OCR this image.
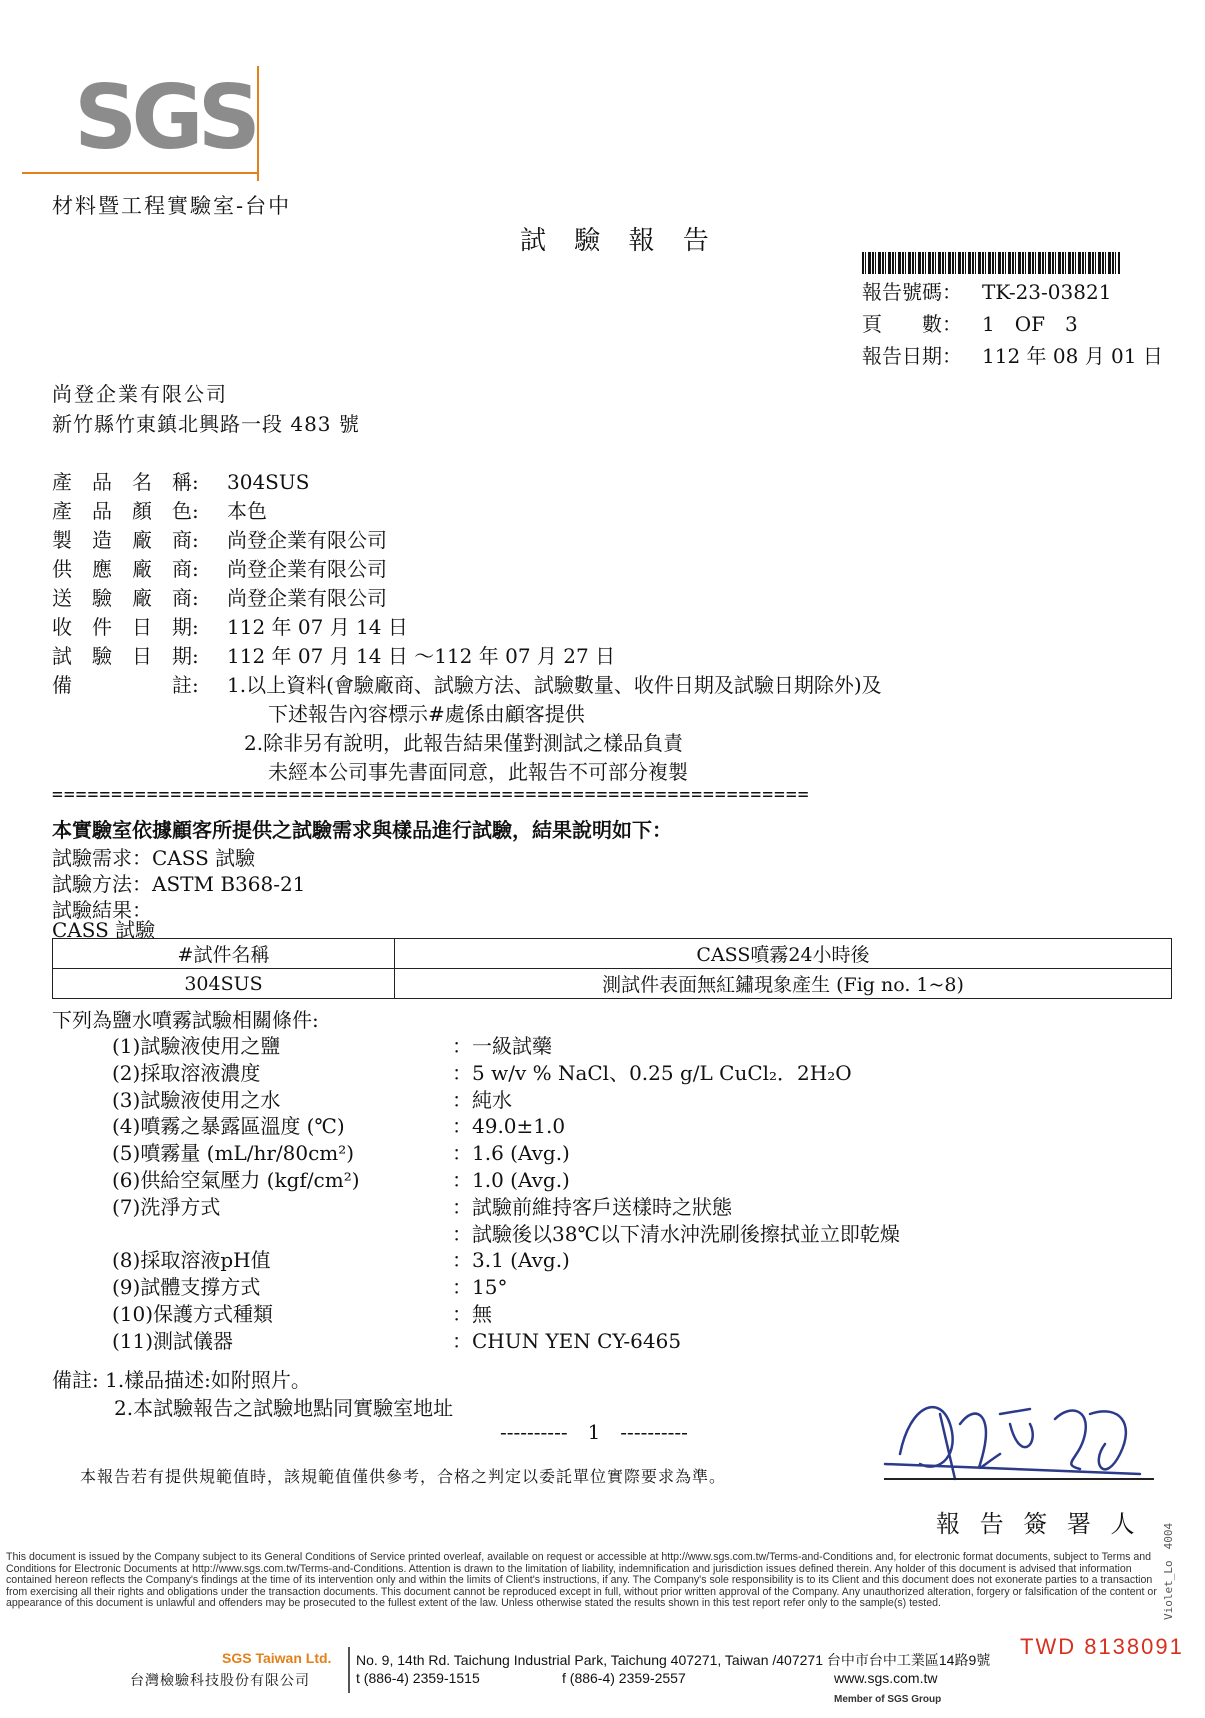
SGS
材料暨工程實驗室-台中
試 驗 報 告
報告號碼： TK-23-03821
頁　　數： 1　OF　3
報告日期： 112 年 08 月 01 日
尚登企業有限公司
新竹縣竹東鎮北興路一段 483 號
產　品　名　稱: 304SUS
產　品　顏　色: 本色
製　造　廠　商: 尚登企業有限公司
供　應　廠　商: 尚登企業有限公司
送　驗　廠　商: 尚登企業有限公司
收　件　日　期: 112 年 07 月 14 日
試　驗　日　期: 112 年 07 月 14 日 ～112 年 07 月 27 日
備　　　　　註: 1.以上資料(會驗廠商、試驗方法、試驗數量、收件日期及試驗日期除外)及
下述報告內容標示#處係由顧客提供
2.除非另有說明，此報告結果僅對測試之樣品負責
未經本公司事先書面同意，此報告不可部分複製
================================================================
本實驗室依據顧客所提供之試驗需求與樣品進行試驗，結果說明如下：
試驗需求：CASS 試驗
試驗方法：ASTM B368-21
試驗結果：
CASS 試驗
#試件名稱	CASS噴霧24小時後
304SUS	測試件表面無紅鏽現象產生 (Fig no. 1~8)
下列為鹽水噴霧試驗相關條件:
(1)試驗液使用之鹽	：一級試藥
(2)採取溶液濃度	：5 w/v % NaCl、0.25 g/L CuCl₂．2H₂O
(3)試驗液使用之水	：純水
(4)噴霧之暴露區溫度 (℃)	：49.0±1.0
(5)噴霧量 (mL/hr/80cm²)	：1.6 (Avg.)
(6)供給空氣壓力 (kgf/cm²)	：1.0 (Avg.)
(7)洗淨方式	：試驗前維持客戶送樣時之狀態
：試驗後以38℃以下清水沖洗刷後擦拭並立即乾燥
(8)採取溶液pH值	：3.1 (Avg.)
(9)試體支撐方式	：15°
(10)保護方式種類	：無
(11)測試儀器	：CHUN YEN CY-6465
備註: 1.樣品描述:如附照片。
2.本試驗報告之試驗地點同實驗室地址
----------　1　----------
本報告若有提供規範值時，該規範值僅供參考，合格之判定以委託單位實際要求為準。
報 告 簽 署 人
This document is issued by the Company subject to its General Conditions of Service printed overleaf, available on request or accessible at http://www.sgs.com.tw/Terms-and-Conditions and, for electronic format documents, subject to Terms and Conditions for Electronic Documents at http://www.sgs.com.tw/Terms-and-Conditions. Attention is drawn to the limitation of liability, indemnification and jurisdiction issues defined therein. Any holder of this document is advised that information contained hereon reflects the Company's findings at the time of its intervention only and within the limits of Client's instructions, if any. The Company's sole responsibility is to its Client and this document does not exonerate parties to a transaction from exercising all their rights and obligations under the transaction documents. This document cannot be reproduced except in full, without prior written approval of the Company. Any unauthorized alteration, forgery or falsification of the content or appearance of this document is unlawful and offenders may be prosecuted to the fullest extent of the law. Unless otherwise stated the results shown in this test report refer only to the sample(s) tested.
TWD 8138091
SGS Taiwan Ltd.
台灣檢驗科技股份有限公司
No. 9, 14th Rd. Taichung Industrial Park, Taichung 407271, Taiwan /407271 台中市台中工業區14路9號
t (886-4) 2359-1515	f (886-4) 2359-2557	www.sgs.com.tw
Member of SGS Group
Violet_Lo　4004
